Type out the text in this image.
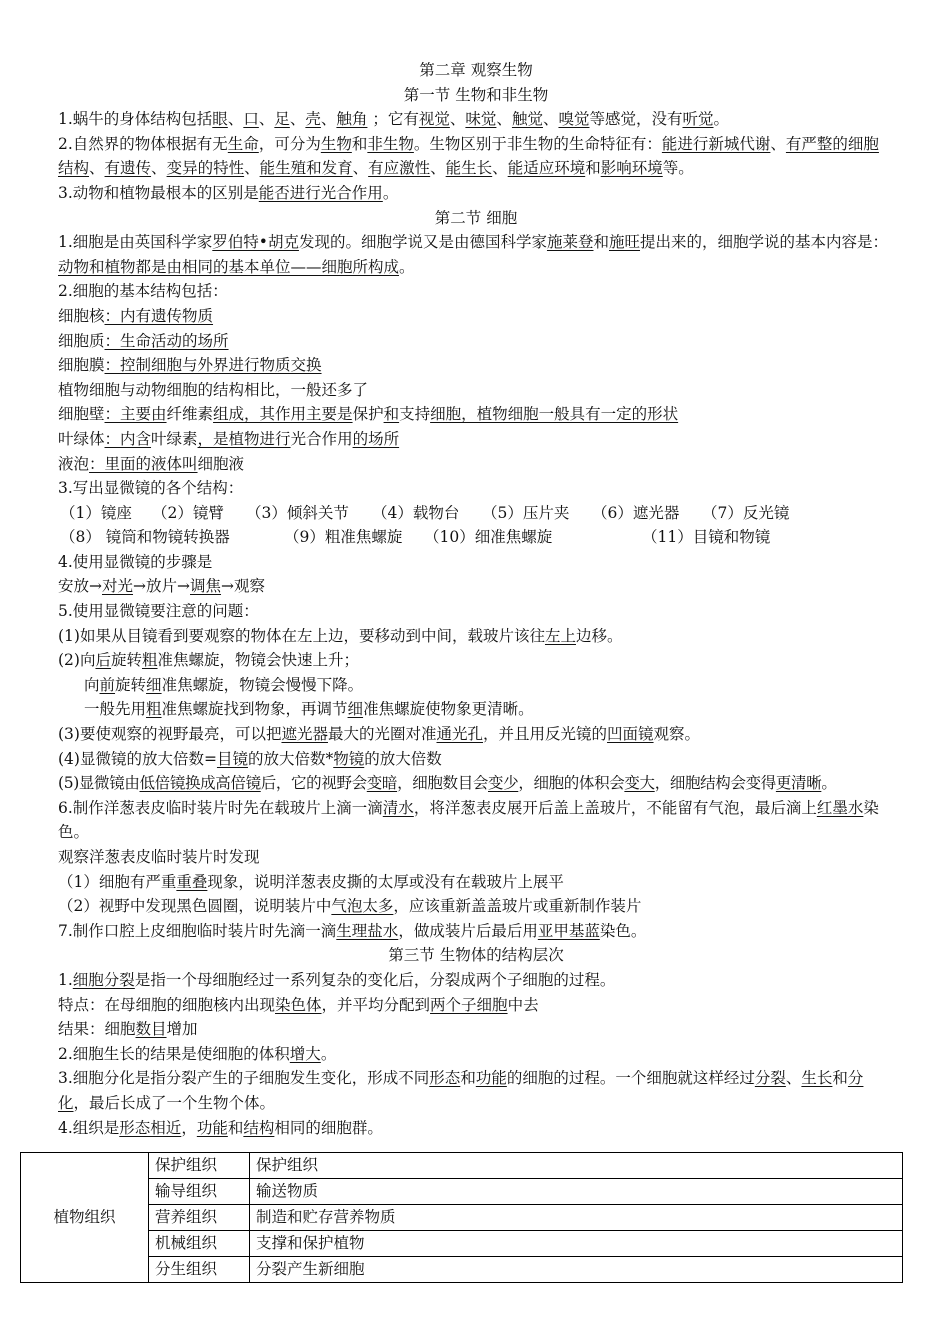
第二章 观察生物
第一节 生物和非生物
1.蜗牛的身体结构包括眼、口、足、壳、触角 ；它有视觉、味觉、触觉、嗅觉等感觉，没有听觉。
2.自然界的物体根据有无生命，可分为生物和非生物。生物区别于非生物的生命特征有：能进行新城代谢、有严整的细胞结构、有遗传、变异的特性、能生殖和发育、有应激性、能生长、能适应环境和影响环境等。
3.动物和植物最根本的区别是能否进行光合作用。
第二节 细胞
1.细胞是由英国科学家罗伯特•胡克发现的。细胞学说又是由德国科学家施莱登和施旺提出来的，细胞学说的基本内容是：动物和植物都是由相同的基本单位——细胞所构成。
2.细胞的基本结构包括：
细胞核：内有遗传物质
细胞质：生命活动的场所
细胞膜：控制细胞与外界进行物质交换
植物细胞与动物细胞的结构相比，一般还多了
细胞壁：主要由纤维素组成，其作用主要是保护和支持细胞，植物细胞一般具有一定的形状
叶绿体：内含叶绿素，是植物进行光合作用的场所
液泡：里面的液体叫细胞液
3.写出显微镜的各个结构：
（1）镜座	（2）镜臂	（3）倾斜关节	（4）载物台	（5）压片夹	（6）遮光器	（7）反光镜
（8） 镜筒和物镜转换器	（9）粗准焦螺旋	（10）细准焦螺旋	（11）目镜和物镜
4.使用显微镜的步骤是
安放→对光→放片→调焦→观察
5.使用显微镜要注意的问题：
(1)如果从目镜看到要观察的物体在左上边，要移动到中间，载玻片该往左上边移。
(2)向后旋转粗准焦螺旋，物镜会快速上升；
向前旋转细准焦螺旋，物镜会慢慢下降。
一般先用粗准焦螺旋找到物象，再调节细准焦螺旋使物象更清晰。
(3)要使观察的视野最亮，可以把遮光器最大的光圈对准通光孔，并且用反光镜的凹面镜观察。
(4)显微镜的放大倍数=目镜的放大倍数*物镜的放大倍数
(5)显微镜由低倍镜换成高倍镜后，它的视野会变暗，细胞数目会变少，细胞的体积会变大，细胞结构会变得更清晰。
6.制作洋葱表皮临时装片时先在载玻片上滴一滴清水，将洋葱表皮展开后盖上盖玻片，不能留有气泡，最后滴上红墨水染色。
观察洋葱表皮临时装片时发现
（1）细胞有严重重叠现象，说明洋葱表皮撕的太厚或没有在载玻片上展平
（2）视野中发现黑色圆圈，说明装片中气泡太多，应该重新盖盖玻片或重新制作装片
7.制作口腔上皮细胞临时装片时先滴一滴生理盐水，做成装片后最后用亚甲基蓝染色。
第三节 生物体的结构层次
1.细胞分裂是指一个母细胞经过一系列复杂的变化后，分裂成两个子细胞的过程。
特点：在母细胞的细胞核内出现染色体，并平均分配到两个子细胞中去
结果：细胞数目增加
2.细胞生长的结果是使细胞的体积增大。
3.细胞分化是指分裂产生的子细胞发生变化，形成不同形态和功能的细胞的过程。一个细胞就这样经过分裂、生长和分化，最后长成了一个生物个体。
4.组织是形态相近，功能和结构相同的细胞群。
植物组织	保护组织	保护组织
	输导组织	输送物质
	营养组织	制造和贮存营养物质
	机械组织	支撑和保护植物
	分生组织	分裂产生新细胞
